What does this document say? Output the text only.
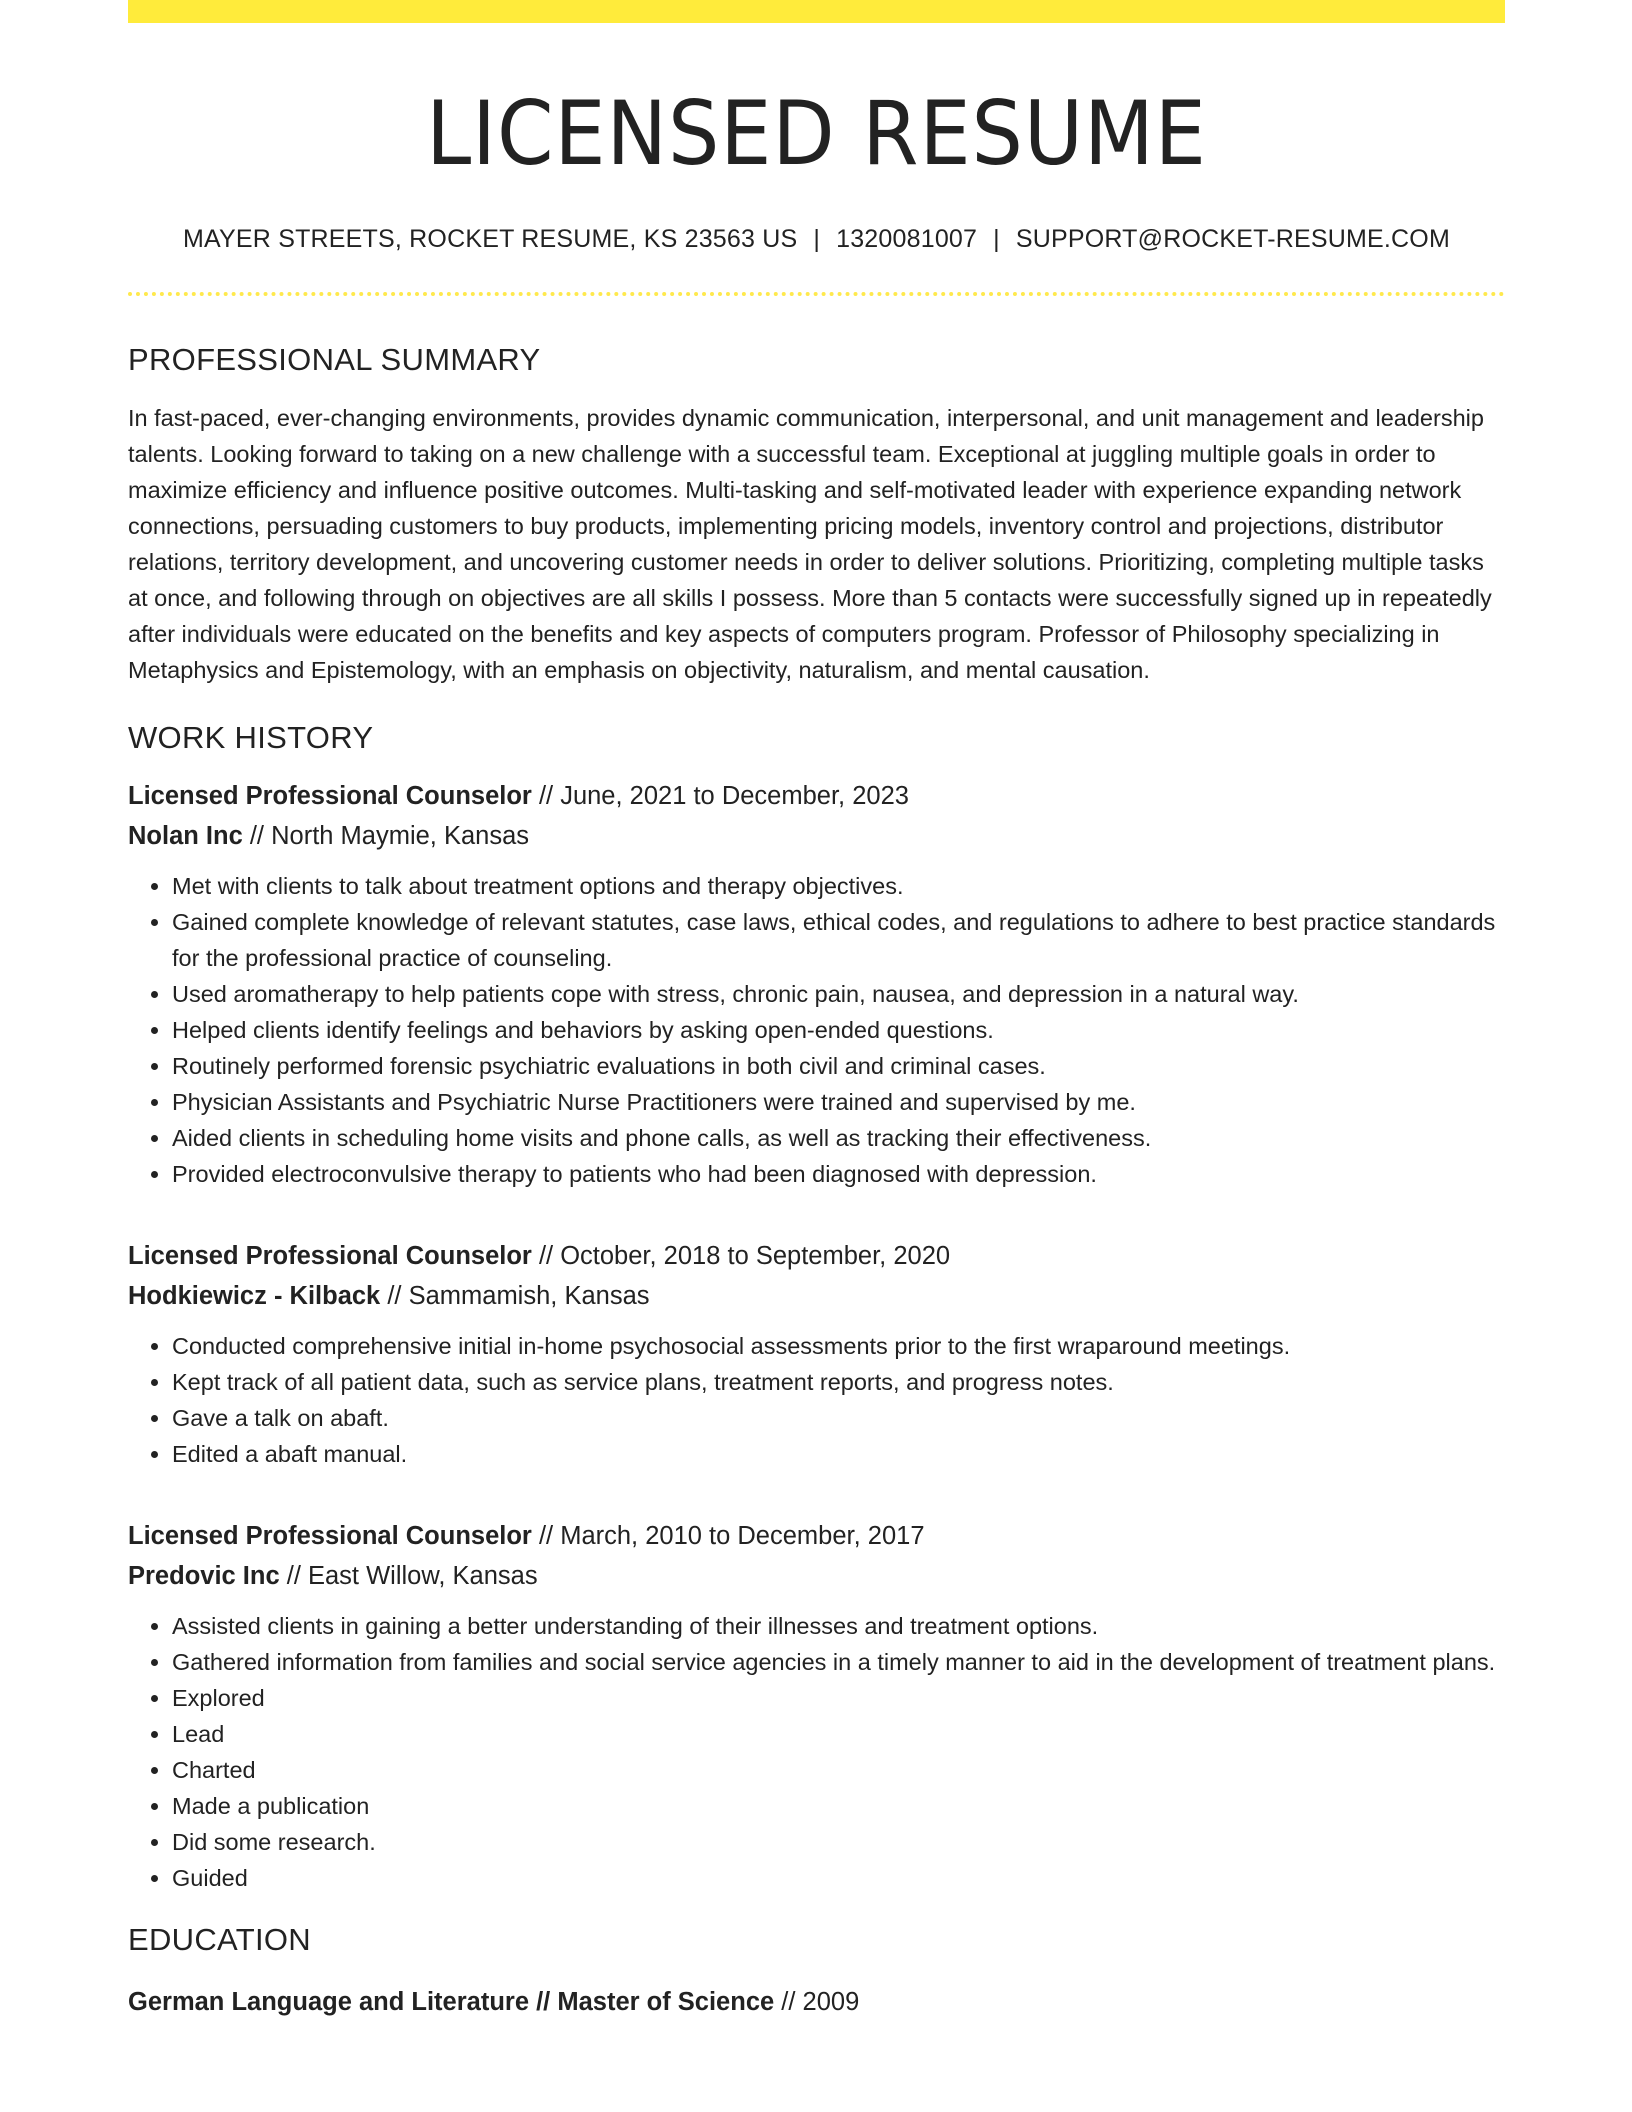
LICENSED RESUME
MAYER STREETS, ROCKET RESUME, KS 23563 US | 1320081007 | SUPPORT@ROCKET-RESUME.COM
PROFESSIONAL SUMMARY
In fast-paced, ever-changing environments, provides dynamic communication, interpersonal, and unit management and leadership talents. Looking forward to taking on a new challenge with a successful team. Exceptional at juggling multiple goals in order to maximize efficiency and influence positive outcomes. Multi-tasking and self-motivated leader with experience expanding network connections, persuading customers to buy products, implementing pricing models, inventory control and projections, distributor relations, territory development, and uncovering customer needs in order to deliver solutions. Prioritizing, completing multiple tasks at once, and following through on objectives are all skills I possess. More than 5 contacts were successfully signed up in repeatedly after individuals were educated on the benefits and key aspects of computers program. Professor of Philosophy specializing in Metaphysics and Epistemology, with an emphasis on objectivity, naturalism, and mental causation.
WORK HISTORY
Licensed Professional Counselor // June, 2021 to December, 2023
Nolan Inc // North Maymie, Kansas
• Met with clients to talk about treatment options and therapy objectives.
• Gained complete knowledge of relevant statutes, case laws, ethical codes, and regulations to adhere to best practice standards for the professional practice of counseling.
• Used aromatherapy to help patients cope with stress, chronic pain, nausea, and depression in a natural way.
• Helped clients identify feelings and behaviors by asking open-ended questions.
• Routinely performed forensic psychiatric evaluations in both civil and criminal cases.
• Physician Assistants and Psychiatric Nurse Practitioners were trained and supervised by me.
• Aided clients in scheduling home visits and phone calls, as well as tracking their effectiveness.
• Provided electroconvulsive therapy to patients who had been diagnosed with depression.
Licensed Professional Counselor // October, 2018 to September, 2020
Hodkiewicz - Kilback // Sammamish, Kansas
• Conducted comprehensive initial in-home psychosocial assessments prior to the first wraparound meetings.
• Kept track of all patient data, such as service plans, treatment reports, and progress notes.
• Gave a talk on abaft.
• Edited a abaft manual.
Licensed Professional Counselor // March, 2010 to December, 2017
Predovic Inc // East Willow, Kansas
• Assisted clients in gaining a better understanding of their illnesses and treatment options.
• Gathered information from families and social service agencies in a timely manner to aid in the development of treatment plans.
• Explored
• Lead
• Charted
• Made a publication
• Did some research.
• Guided
EDUCATION
German Language and Literature // Master of Science // 2009
